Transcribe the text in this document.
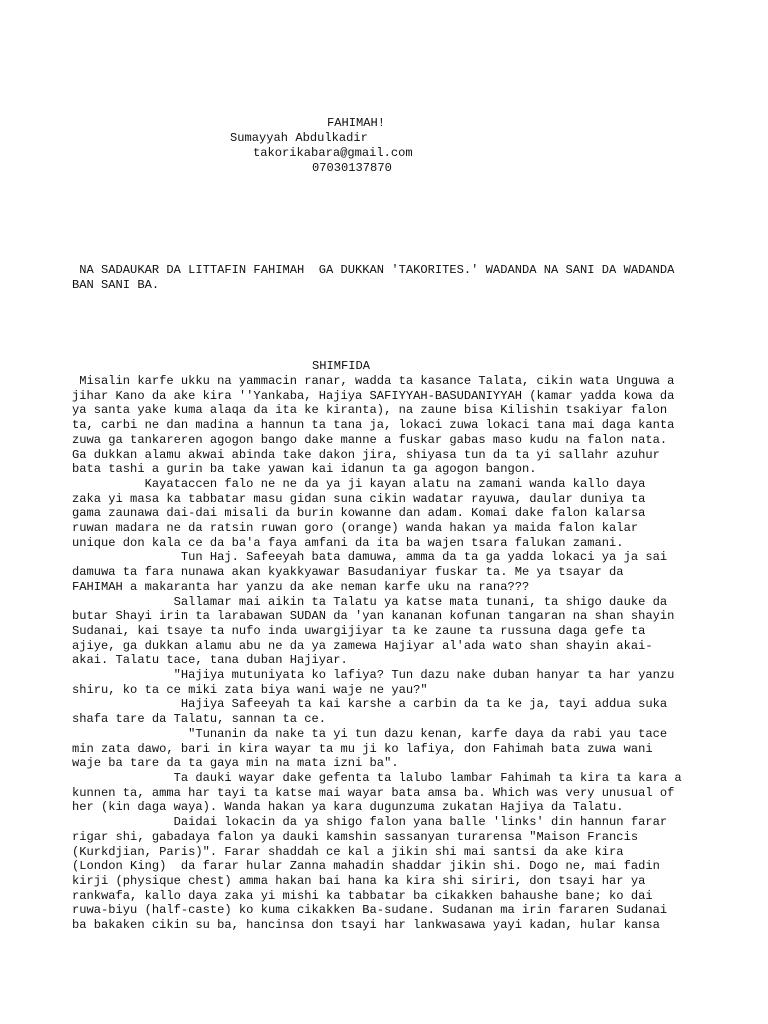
FAHIMAH!
Sumayyah Abdulkadir
takorikabara@gmail.com
07030137870
NA SADAUKAR DA LITTAFIN FAHIMAH  GA DUKKAN 'TAKORITES.' WADANDA NA SANI DA WADANDA
BAN SANI BA.
SHIMFIDA
Misalin karfe ukku na yammacin ranar, wadda ta kasance Talata, cikin wata Unguwa a
jihar Kano da ake kira ''Yankaba, Hajiya SAFIYYAH-BASUDANIYYAH (kamar yadda kowa da
ya santa yake kuma alaqa da ita ke kiranta), na zaune bisa Kilishin tsakiyar falon
ta, carbi ne dan madina a hannun ta tana ja, lokaci zuwa lokaci tana mai daga kanta
zuwa ga tankareren agogon bango dake manne a fuskar gabas maso kudu na falon nata.
Ga dukkan alamu akwai abinda take dakon jira, shiyasa tun da ta yi sallahr azuhur
bata tashi a gurin ba take yawan kai idanun ta ga agogon bangon.
Kayataccen falo ne ne da ya ji kayan alatu na zamani wanda kallo daya
zaka yi masa ka tabbatar masu gidan suna cikin wadatar rayuwa, daular duniya ta
gama zaunawa dai-dai misali da burin kowanne dan adam. Komai dake falon kalarsa
ruwan madara ne da ratsin ruwan goro (orange) wanda hakan ya maida falon kalar
unique don kala ce da ba'a faya amfani da ita ba wajen tsara falukan zamani.
Tun Haj. Safeeyah bata damuwa, amma da ta ga yadda lokaci ya ja sai
damuwa ta fara nunawa akan kyakkyawar Basudaniyar fuskar ta. Me ya tsayar da
FAHIMAH a makaranta har yanzu da ake neman karfe uku na rana???
Sallamar mai aikin ta Talatu ya katse mata tunani, ta shigo dauke da
butar Shayi irin ta larabawan SUDAN da 'yan kananan kofunan tangaran na shan shayin
Sudanai, kai tsaye ta nufo inda uwargijiyar ta ke zaune ta russuna daga gefe ta
ajiye, ga dukkan alamu abu ne da ya zamewa Hajiyar al'ada wato shan shayin akai-
akai. Talatu tace, tana duban Hajiyar.
"Hajiya mutuniyata ko lafiya? Tun dazu nake duban hanyar ta har yanzu
shiru, ko ta ce miki zata biya wani waje ne yau?"
Hajiya Safeeyah ta kai karshe a carbin da ta ke ja, tayi addua suka
shafa tare da Talatu, sannan ta ce.
"Tunanin da nake ta yi tun dazu kenan, karfe daya da rabi yau tace
min zata dawo, bari in kira wayar ta mu ji ko lafiya, don Fahimah bata zuwa wani
waje ba tare da ta gaya min na mata izni ba".
Ta dauki wayar dake gefenta ta lalubo lambar Fahimah ta kira ta kara a
kunnen ta, amma har tayi ta katse mai wayar bata amsa ba. Which was very unusual of
her (kin daga waya). Wanda hakan ya kara dugunzuma zukatan Hajiya da Talatu.
Daidai lokacin da ya shigo falon yana balle 'links' din hannun farar
rigar shi, gabadaya falon ya dauki kamshin sassanyan turarensa "Maison Francis
(Kurkdjian, Paris)". Farar shaddah ce kal a jikin shi mai santsi da ake kira
(London King)  da farar hular Zanna mahadin shaddar jikin shi. Dogo ne, mai fadin
kirji (physique chest) amma hakan bai hana ka kira shi siriri, don tsayi har ya
rankwafa, kallo daya zaka yi mishi ka tabbatar ba cikakken bahaushe bane; ko dai
ruwa-biyu (half-caste) ko kuma cikakken Ba-sudane. Sudanan ma irin fararen Sudanai
ba bakaken cikin su ba, hancinsa don tsayi har lankwasawa yayi kadan, hular kansa
